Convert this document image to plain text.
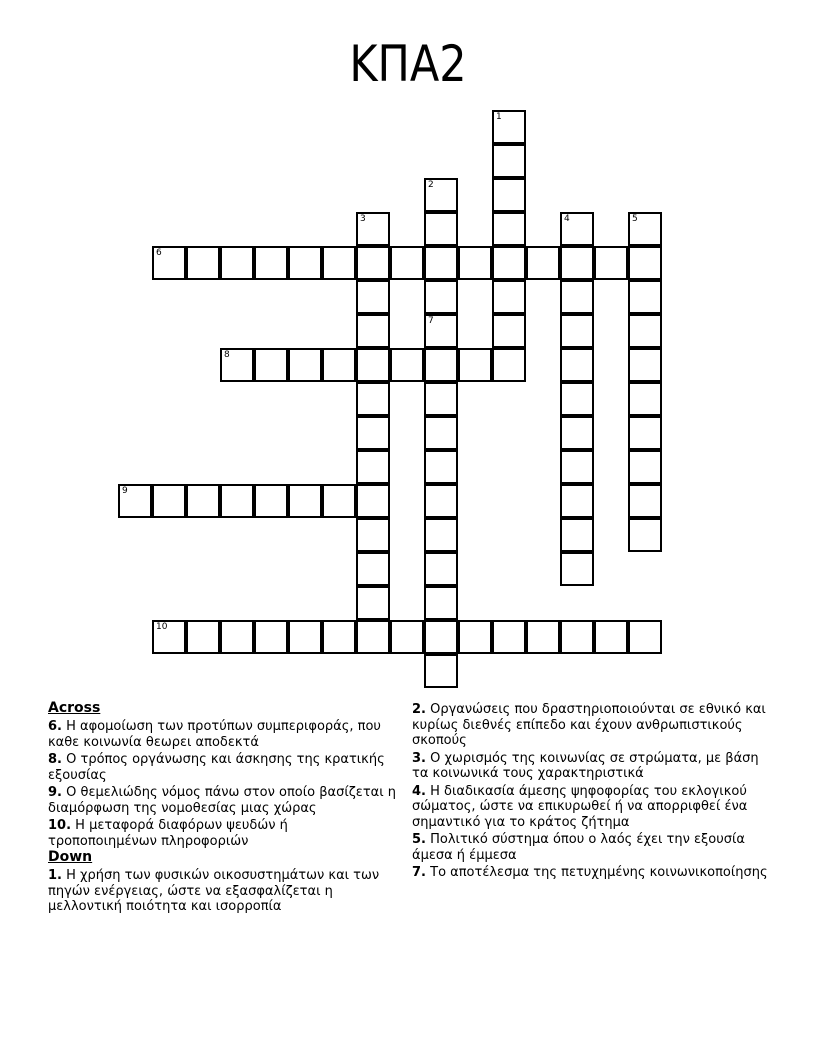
ΚΠΑ2
1
2
7
3	4	5
6
8
9
10
Across
6. Η αφομοίωση των προτύπων συμπεριφοράς, που καθε κοινωνία θεωρει αποδεκτά
8. Ο τρόπος οργάνωσης και άσκησης της κρατικής εξουσίας
9. Ο θεμελιώδης νόμος πάνω στον οποίο βασίζεται η διαμόρφωση της νομοθεσίας μιας χώρας
10. Η μεταφορά διαφόρων ψευδών ή τροποποιημένων πληροφοριών
Down
1. Η χρήση των φυσικών οικοσυστημάτων και των πηγών ενέργειας, ώστε να εξασφαλίζεται η μελλοντική ποιότητα και ισορροπία
2. Οργανώσεις που δραστηριοποιούνται σε εθνικό και κυρίως διεθνές επίπεδο και έχουν ανθρωπιστικούς σκοπούς
3. Ο χωρισμός της κοινωνίας σε στρώματα, με βάση τα κοινωνικά τους χαρακτηριστικά
4. Η διαδικασία άμεσης ψηφοφορίας του εκλογικού σώματος, ώστε να επικυρωθεί ή να απορριφθεί ένα σημαντικό για το κράτος ζήτημα
5. Πολιτικό σύστημα όπου ο λαός έχει την εξουσία άμεσα ή έμμεσα
7. Το αποτέλεσμα της πετυχημένης κοινωνικοποίησης
